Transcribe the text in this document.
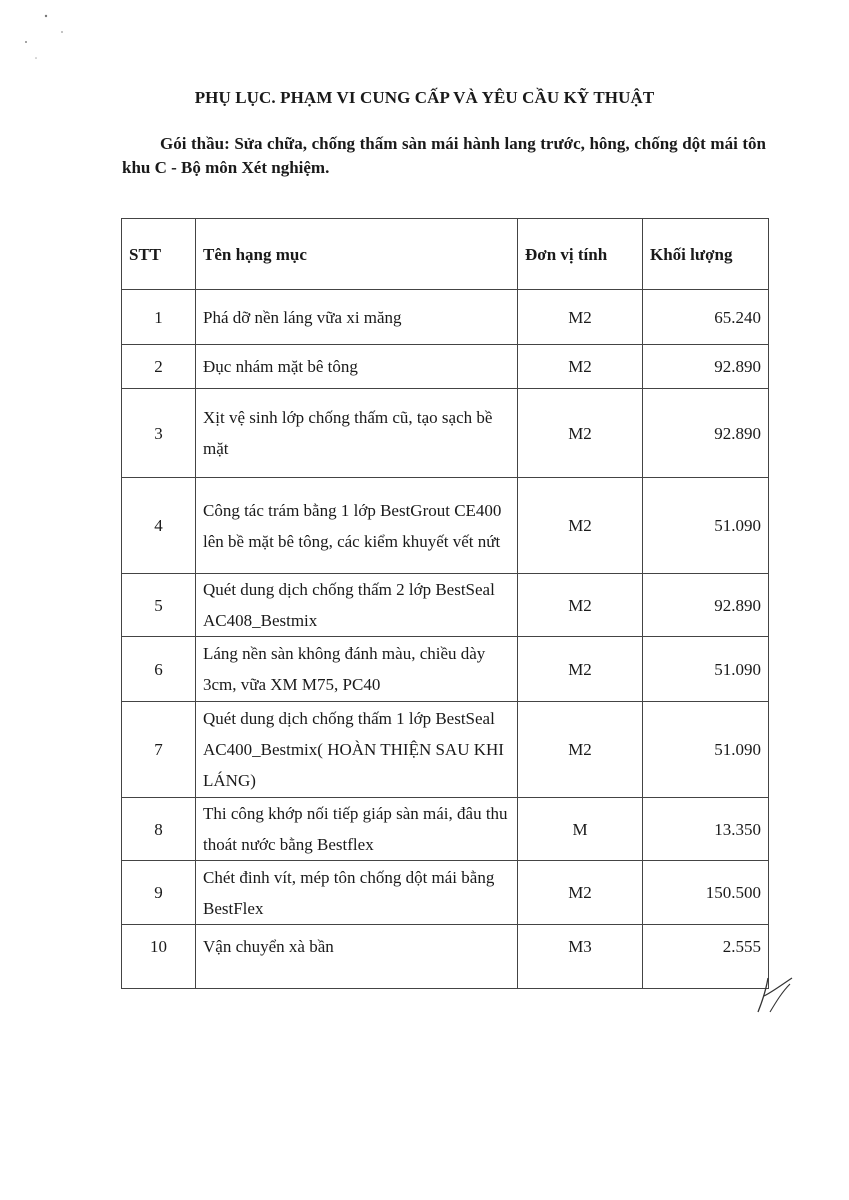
PHỤ LỤC. PHẠM VI CUNG CẤP VÀ YÊU CẦU KỸ THUẬT
Gói thầu: Sửa chữa, chống thấm sàn mái hành lang trước, hông, chống dột mái tôn khu C - Bộ môn Xét nghiệm.
STT	Tên hạng mục	Đơn vị tính	Khối lượng
1	Phá dỡ nền láng vữa xi măng	M2	65.240
2	Đục nhám mặt bê tông	M2	92.890
3	Xịt vệ sinh lớp chống thấm cũ, tạo sạch bề mặt	M2	92.890
4	Công tác trám bằng 1 lớp BestGrout CE400 lên bề mặt bê tông, các kiểm khuyết vết nứt	M2	51.090
5	Quét dung dịch chống thấm 2 lớp BestSeal AC408_Bestmix	M2	92.890
6	Láng nền sàn không đánh màu, chiều dày 3cm, vữa XM M75, PC40	M2	51.090
7	Quét dung dịch chống thấm 1 lớp BestSeal AC400_Bestmix( HOÀN THIỆN SAU KHI LÁNG)	M2	51.090
8	Thi công khớp nối tiếp giáp sàn mái, đâu thu thoát nước bằng Bestflex	M	13.350
9	Chét đinh vít, mép tôn chống dột mái bằng BestFlex	M2	150.500
10	Vận chuyển xà bần	M3	2.555
